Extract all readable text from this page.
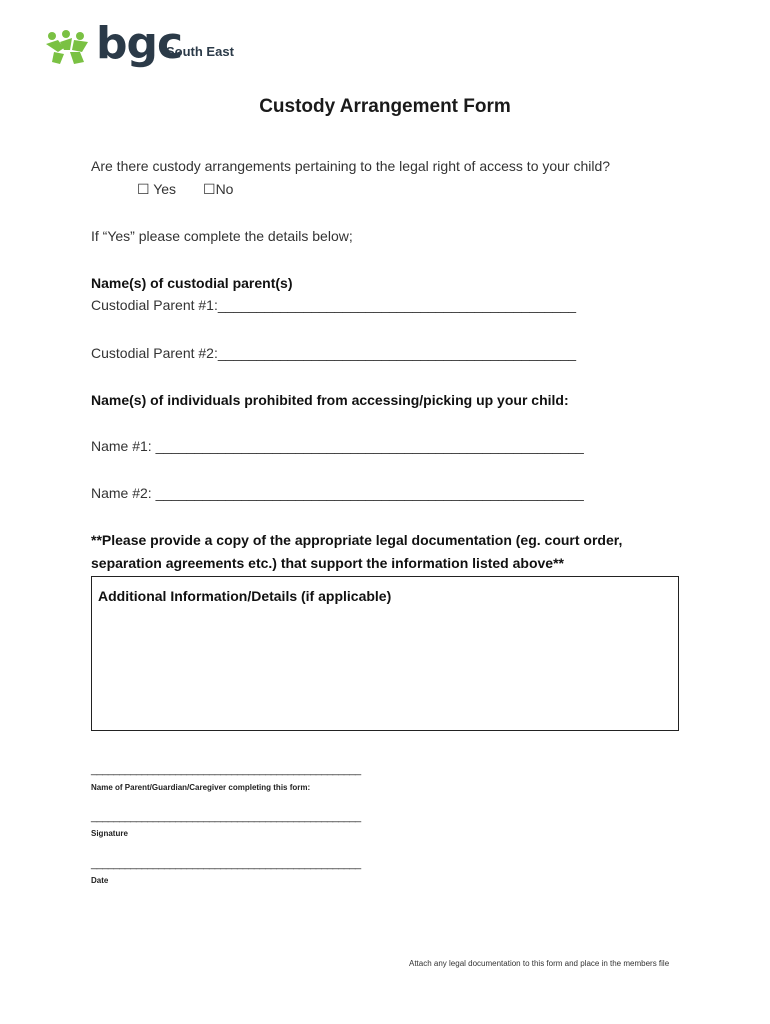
bgc
South East
Custody Arrangement Form
Are there custody arrangements pertaining to the legal right of access to your child?
☐ Yes ☐No
If “Yes” please complete the details below;
Name(s) of custodial parent(s)
Custodial Parent #1:______________________________________________
Custodial Parent #2:______________________________________________
Name(s) of individuals prohibited from accessing/picking up your child:
Name #1: _______________________________________________________
Name #2: _______________________________________________________
**Please provide a copy of the appropriate legal documentation (eg. court order,
separation agreements etc.) that support the information listed above**
Additional Information/Details (if applicable)
________________________________________________
Name of Parent/Guardian/Caregiver completing this form:
________________________________________________
Signature
________________________________________________
Date
Attach any legal documentation to this form and place in the members file
